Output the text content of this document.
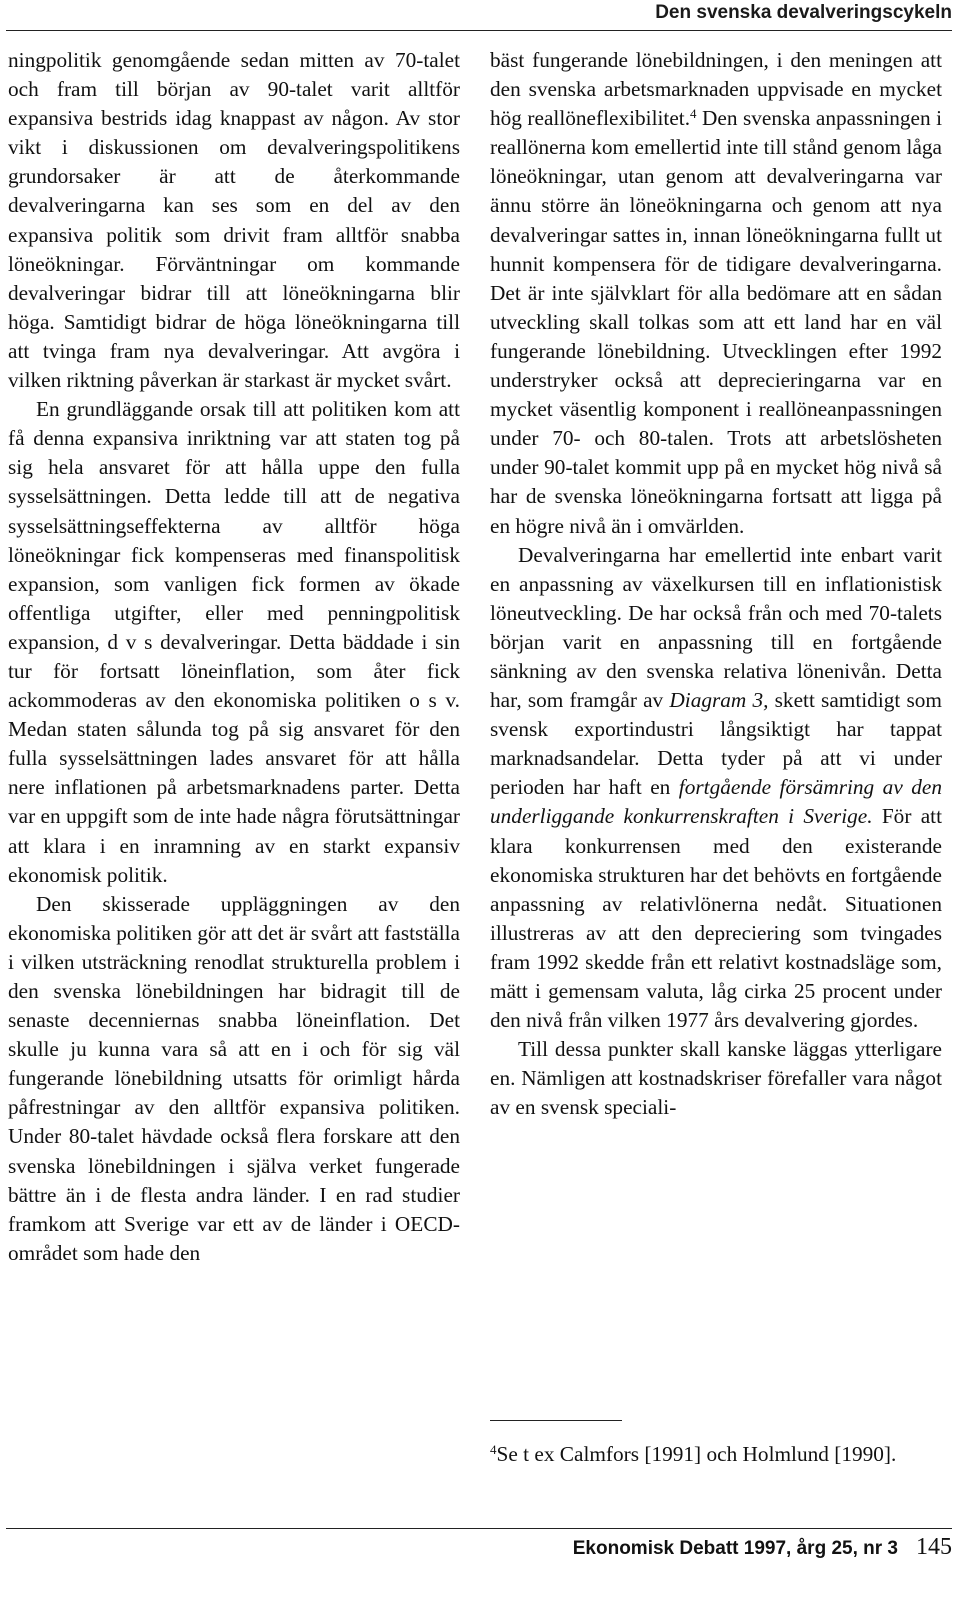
Den svenska devalveringscykeln

ningpolitik genomgående sedan mitten av 70-talet och fram till början av 90-talet varit alltför expansiva bestrids idag knappast av någon. Av stor vikt i diskussionen om devalveringspolitikens grundorsaker är att de återkommande devalveringarna kan ses som en del av den expansiva politik som drivit fram alltför snabba löneökningar. Förväntningar om kommande devalveringar bidrar till att löneökningarna blir höga. Samtidigt bidrar de höga löneökningarna till att tvinga fram nya devalveringar. Att avgöra i vilken riktning påverkan är starkast är mycket svårt.

En grundläggande orsak till att politiken kom att få denna expansiva inriktning var att staten tog på sig hela ansvaret för att hålla uppe den fulla sysselsättningen. Detta ledde till att de negativa sysselsättningseffekterna av alltför höga löneökningar fick kompenseras med finanspolitisk expansion, som vanligen fick formen av ökade offentliga utgifter, eller med penningpolitisk expansion, d v s devalveringar. Detta bäddade i sin tur för fortsatt löneinflation, som åter fick ackommoderas av den ekonomiska politiken o s v. Medan staten sålunda tog på sig ansvaret för den fulla sysselsättningen lades ansvaret för att hålla nere inflationen på arbetsmarknadens parter. Detta var en uppgift som de inte hade några förutsättningar att klara i en inramning av en starkt expansiv ekonomisk politik.

Den skisserade uppläggningen av den ekonomiska politiken gör att det är svårt att fastställa i vilken utsträckning renodlat strukturella problem i den svenska lönebildningen har bidragit till de senaste decenniernas snabba löneinflation. Det skulle ju kunna vara så att en i och för sig väl fungerande lönebildning utsatts för orimligt hårda påfrestningar av den alltför expansiva politiken. Under 80-talet hävdade också flera forskare att den svenska lönebildningen i själva verket fungerade bättre än i de flesta andra länder. I en rad studier framkom att Sverige var ett av de länder i OECD-området som hade den

bäst fungerande lönebildningen, i den meningen att den svenska arbetsmarknaden uppvisade en mycket hög reallöneflexibilitet.$^4$ Den svenska anpassningen i reallönerna kom emellertid inte till stånd genom låga löneökningar, utan genom att devalveringarna var ännu större än löneökningarna och genom att nya devalveringar sattes in, innan löneökningarna fullt ut hunnit kompensera för de tidigare devalveringarna. Det är inte självklart för alla bedömare att en sådan utveckling skall tolkas som att ett land har en väl fungerande lönebildning. Utvecklingen efter 1992 understryker också att deprecieringarna var en mycket väsentlig komponent i reallöneanpassningen under 70- och 80-talen. Trots att arbetslösheten under 90-talet kommit upp på en mycket hög nivå så har de svenska löneökningarna fortsatt att ligga på en högre nivå än i omvärlden.

Devalveringarna har emellertid inte enbart varit en anpassning av växelkursen till en inflationistisk löneutveckling. De har också från och med 70-talets början varit en anpassning till en fortgående sänkning av den svenska relativa lönenivån. Detta har, som framgår av Diagram 3, skett samtidigt som svensk exportindustri långsiktigt har tappat marknadsandelar. Detta tyder på att vi under perioden har haft en fortgående försämring av den underliggande konkurrenskraften i Sverige. För att klara konkurrensen med den existerande ekonomiska strukturen har det behövts en fortgående anpassning av relativlönerna nedåt. Situationen illustreras av att den depreciering som tvingades fram 1992 skedde från ett relativt kostnadsläge som, mätt i gemensam valuta, låg cirka 25 procent under den nivå från vilken 1977 års devalvering gjordes.

Till dessa punkter skall kanske läggas ytterligare en. Nämligen att kostnadskriser förefaller vara något av en svensk speciali-

$^4$Se t ex Calmfors [1991] och Holmlund [1990].
Ekonomisk Debatt 1997, årg 25, nr 3 145
